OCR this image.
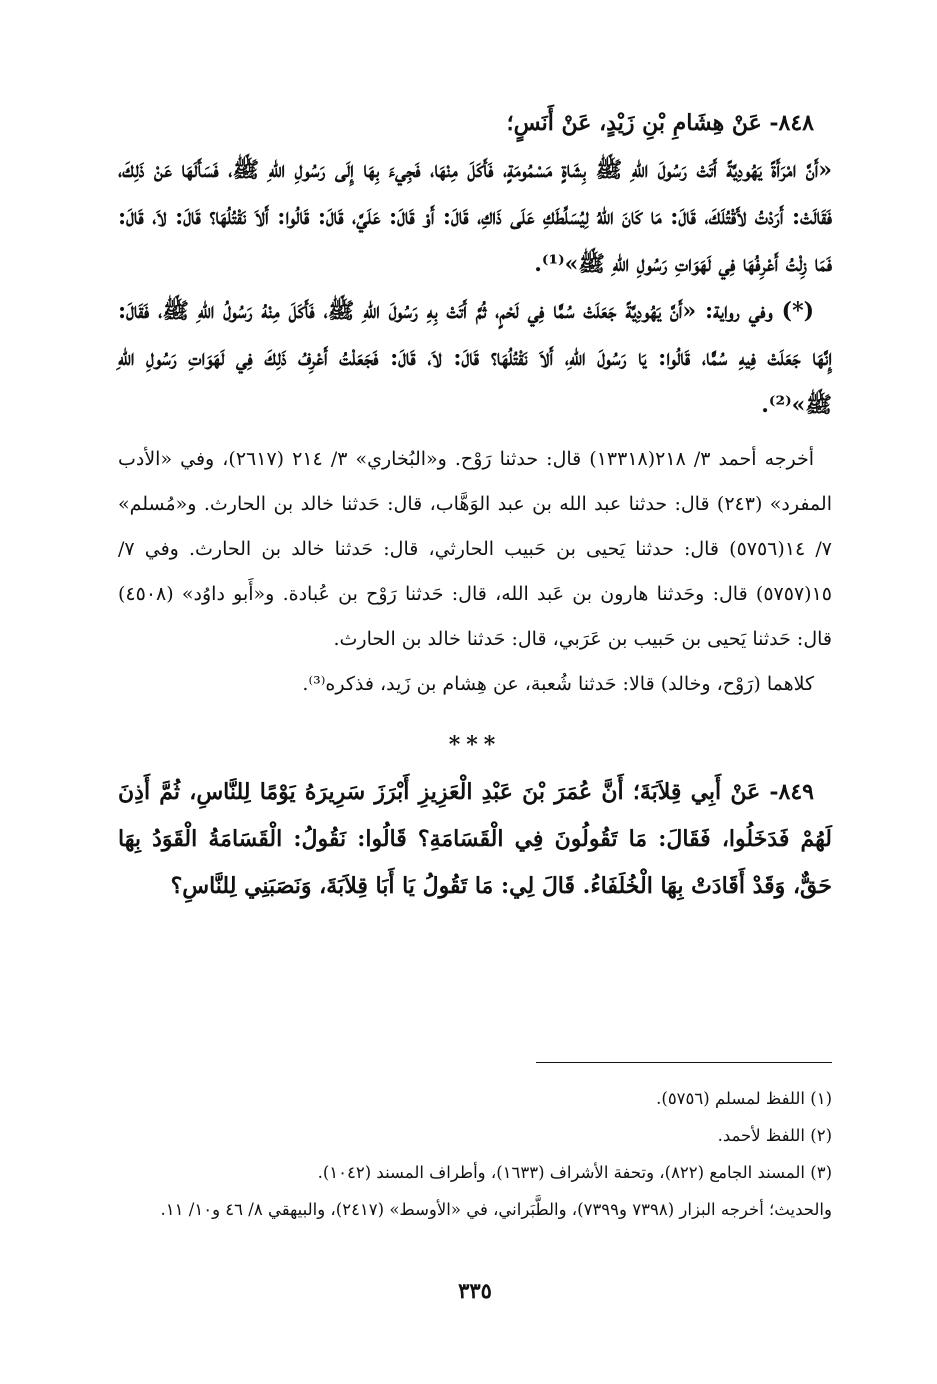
٨٤٨- عَنْ هِشَامِ بْنِ زَيْدٍ، عَنْ أَنَسٍ؛

«أَنَّ امْرَأَةً يَهُودِيَّةً أَتَتْ رَسُولَ اللهِ ﷺ بِشَاةٍ مَسْمُومَةٍ، فَأَكَلَ مِنْهَا، فَجِيءَ بِهَا إِلَى رَسُولِ اللهِ ﷺ، فَسَأَلَهَا عَنْ ذَلِكَ، فَقَالَتْ: أَرَدْتُ لأَقْتُلَكَ، قَالَ: مَا كَانَ اللهُ لِيُسَلِّطَكِ عَلَى ذَاكِ، قَالَ: أَوْ قَالَ: عَلَيَّ، قَالَ: قَالُوا: أَلاَ نَقْتُلُهَا؟ قَالَ: لاَ، قَالَ: فَمَا زِلْتُ أَعْرِفُهَا فِي لَهَوَاتِ رَسُولِ اللهِ ﷺ»⁽¹⁾.

(*) وفي رواية: «أَنَّ يَهُودِيَّةً جَعَلَتْ سُمًّا فِي لَحْمٍ، ثُمَّ أَتَتْ بِهِ رَسُولَ اللهِ ﷺ، فَأَكَلَ مِنْهُ رَسُولُ اللهِ ﷺ، فَقَالَ: إِنَّهَا جَعَلَتْ فِيهِ سُمًّا، قَالُوا: يَا رَسُولَ اللهِ، أَلاَ نَقْتُلُهَا؟ قَالَ: لاَ، قَالَ: فَجَعَلْتُ أَعْرِفُ ذَلِكَ فِي لَهَوَاتِ رَسُولِ اللهِ ﷺ»⁽²⁾.

أخرجه أحمد ٣/ ٢١٨(١٣٣١٨) قال: حدثنا رَوْح. و«البُخاري» ٣/ ٢١٤ (٢٦١٧)، وفي «الأدب المفرد» (٢٤٣) قال: حدثنا عبد الله بن عبد الوَهَّاب، قال: حَدثنا خالد بن الحارث. و«مُسلم» ٧/ ١٤(٥٧٥٦) قال: حدثنا يَحيى بن حَبيب الحارثي، قال: حَدثنا خالد بن الحارث. وفي ٧/ ١٥(٥٧٥٧) قال: وحَدثنا هارون بن عَبد الله، قال: حَدثنا رَوْح بن عُبادة. و«أَبو داوُد» (٤٥٠٨) قال: حَدثنا يَحيى بن حَبيب بن عَرَبي، قال: حَدثنا خالد بن الحارث.

كلاهما (رَوْح، وخالد) قالا: حَدثنا شُعبة، عن هِشام بن زَيد، فذكره⁽³⁾.

***

٨٤٩- عَنْ أَبِي قِلاَبَةَ؛ أَنَّ عُمَرَ بْنَ عَبْدِ الْعَزِيزِ أَبْرَزَ سَرِيرَهُ يَوْمًا لِلنَّاسِ، ثُمَّ أَذِنَ لَهُمْ فَدَخَلُوا، فَقَالَ: مَا تَقُولُونَ فِي الْقَسَامَةِ؟ قَالُوا: نَقُولُ: الْقَسَامَةُ الْقَوَدُ بِهَا حَقٌّ، وَقَدْ أَقَادَتْ بِهَا الْخُلَفَاءُ. قَالَ لِي: مَا تَقُولُ يَا أَبَا قِلاَبَةَ، وَنَصَبَنِي لِلنَّاسِ؟

(١) اللفظ لمسلم (٥٧٥٦).

(٢) اللفظ لأحمد.

(٣) المسند الجامع (٨٢٢)، وتحفة الأشراف (١٦٣٣)، وأطراف المسند (١٠٤٢).

والحديث؛ أخرجه البزار (٧٣٩٨ و٧٣٩٩)، والطَّبَراني، في «الأوسط» (٢٤١٧)، والبيهقي ٨/ ٤٦ و١٠/ ١١.

٣٣٥
